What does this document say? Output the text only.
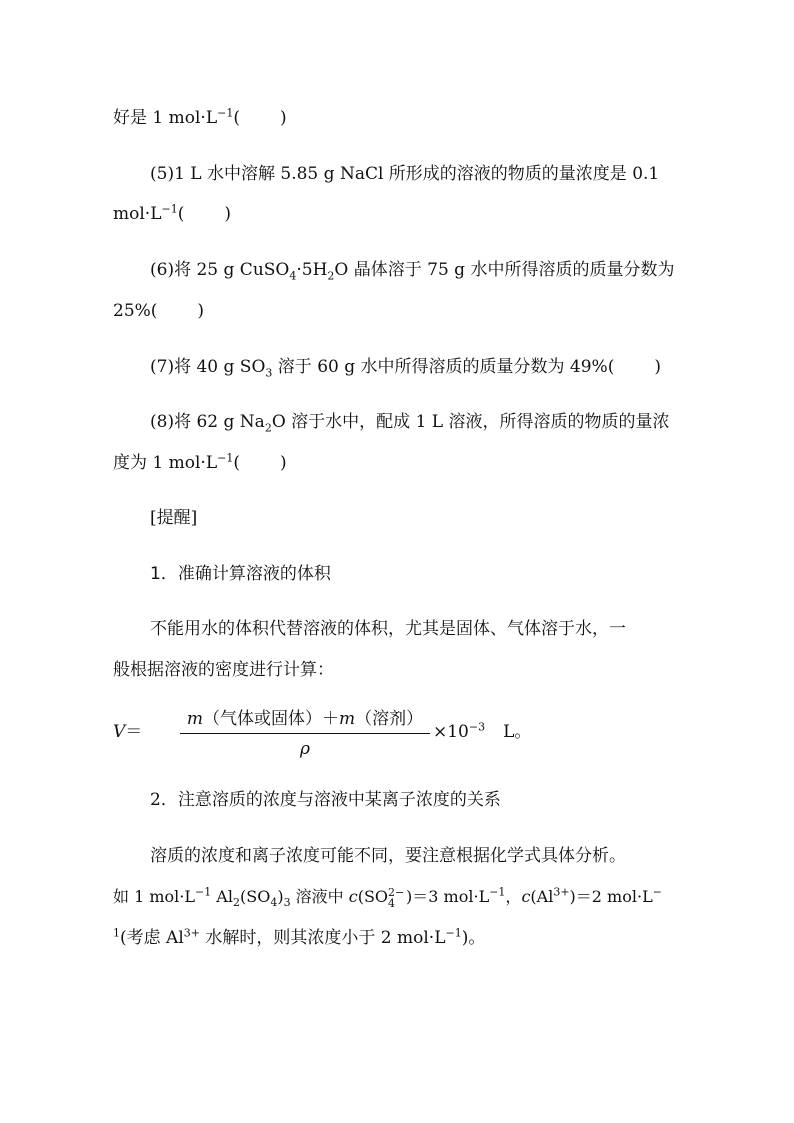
好是 1 $mol\cdot L^{-1}$( )
(5)1 L 水中溶解 5.85 g NaCl 所形成的溶液的物质的量浓度是 0.1
$mol\cdot L^{-1}$( )
(6)将 25 g $CuSO_4\cdot 5H_2O$ 晶体溶于 75 g 水中所得溶质的质量分数为
25%( )
(7)将 40 g $SO_3$ 溶于 60 g 水中所得溶质的质量分数为 49%( )
(8)将 62 g $Na_2O$ 溶于水中，配成 1 L 溶液，所得溶质的物质的量浓
度为 1 $mol\cdot L^{-1}$( )
[提醒]
1．准确计算溶液的体积
不能用水的体积代替溶液的体积，尤其是固体、气体溶于水，一
般根据溶液的密度进行计算：
V＝
m（气体或固体）＋m（溶剂）
ρ
$\times 10^{-3}$ L。
2．注意溶质的浓度与溶液中某离子浓度的关系
溶质的浓度和离子浓度可能不同，要注意根据化学式具体分析。
如 1 $mol\cdot L^{-1}$ $Al_2(SO_4)_3$ 溶液中 c(SO 2−
4 )＝3 $mol\cdot L^{-1}$，$c(Al^{3+})=2$ mol·L−
$^1$(考虑 $Al^{3+}$ 水解时，则其浓度小于 2 $mol\cdot L^{-1}$)。
